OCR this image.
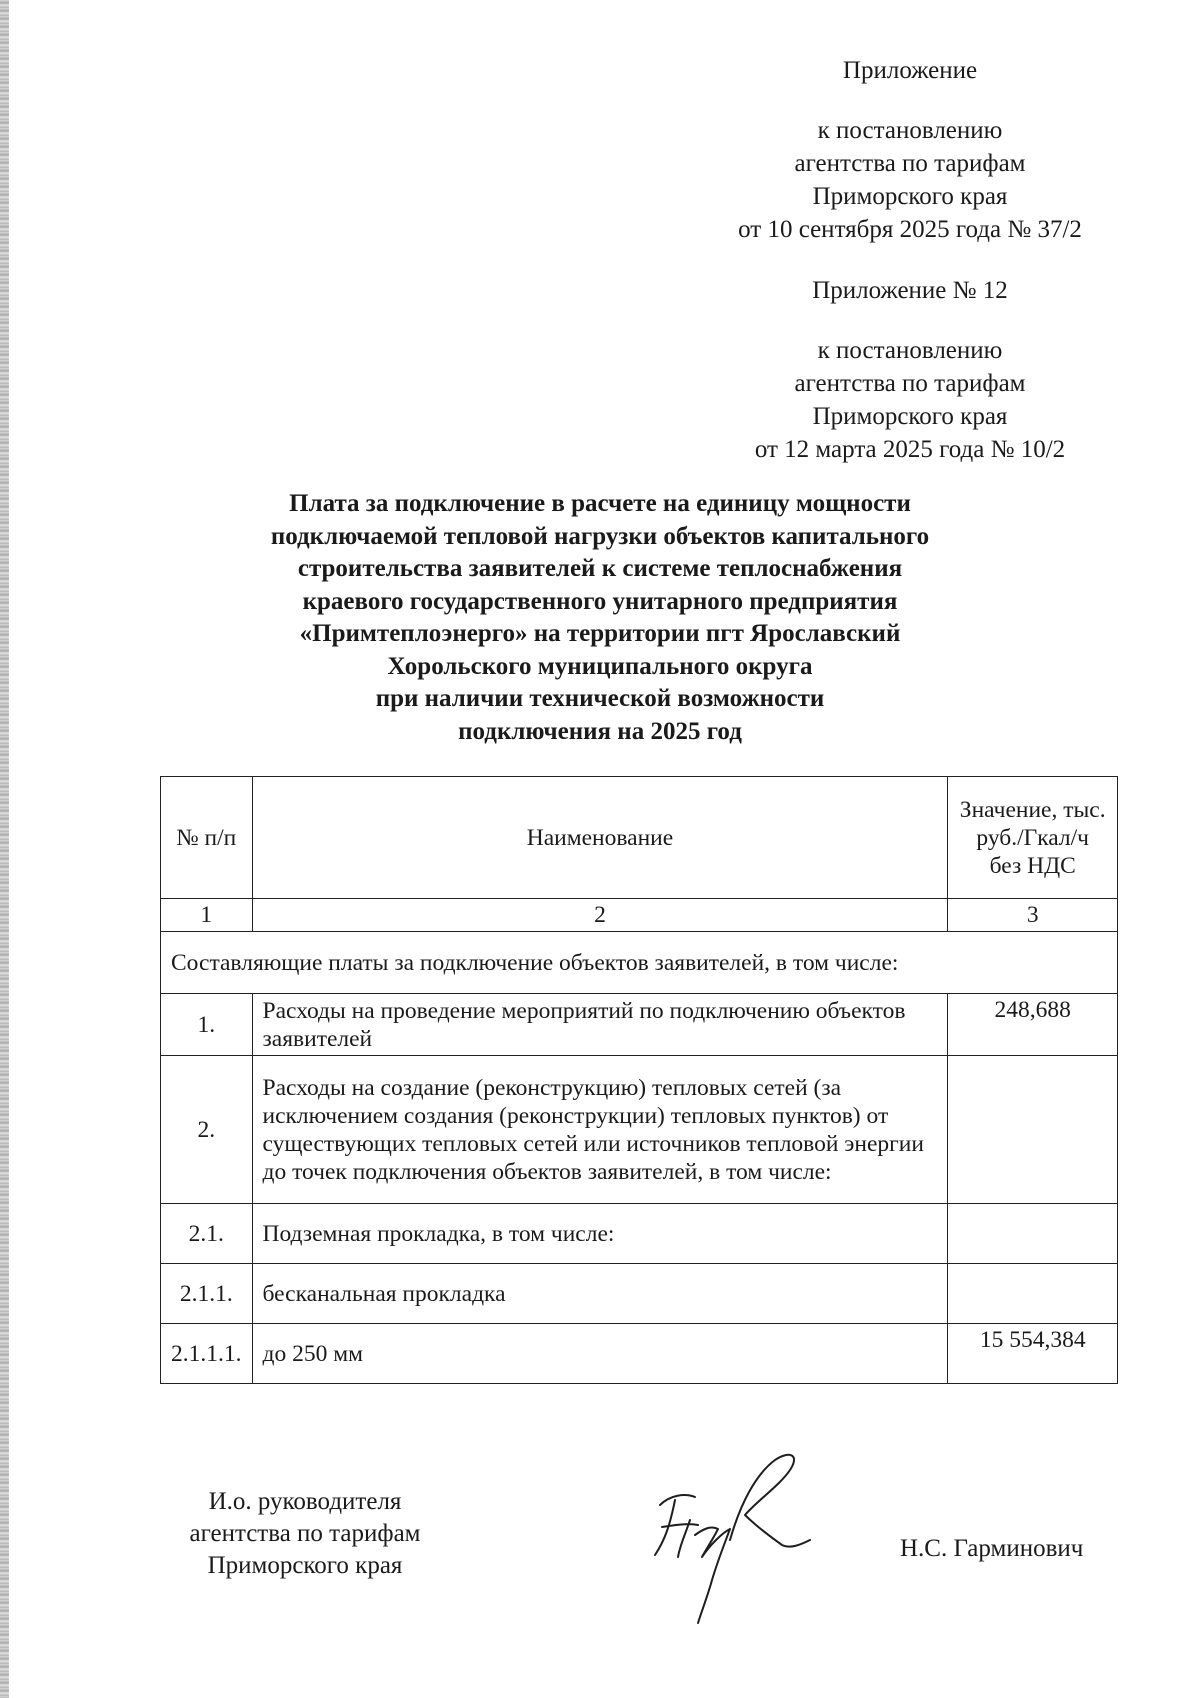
Приложение
к постановлению
агентства по тарифам
Приморского края
от 10 сентября 2025 года № 37/2
Приложение № 12
к постановлению
агентства по тарифам
Приморского края
от 12 марта 2025 года № 10/2
Плата за подключение в расчете на единицу мощности
подключаемой тепловой нагрузки объектов капитального
строительства заявителей к системе теплоснабжения
краевого государственного унитарного предприятия
«Примтеплоэнерго» на территории пгт Ярославский
Хорольского муниципального округа
при наличии технической возможности
подключения на 2025 год
№ п/п	Наименование	Значение, тыс. руб./Гкал/ч без НДС
1	2	3
Составляющие платы за подключение объектов заявителей, в том числе:		
1.	Расходы на проведение мероприятий по подключению объектов заявителей	248,688
2.	Расходы на создание (реконструкцию) тепловых сетей (за исключением создания (реконструкции) тепловых пунктов) от существующих тепловых сетей или источников тепловой энергии до точек подключения объектов заявителей, в том числе:	
2.1.	Подземная прокладка, в том числе:	
2.1.1.	бесканальная прокладка	
2.1.1.1.	до 250 мм	15 554,384
И.о. руководителя
агентства по тарифам
Приморского края
Н.С. Гарминович
